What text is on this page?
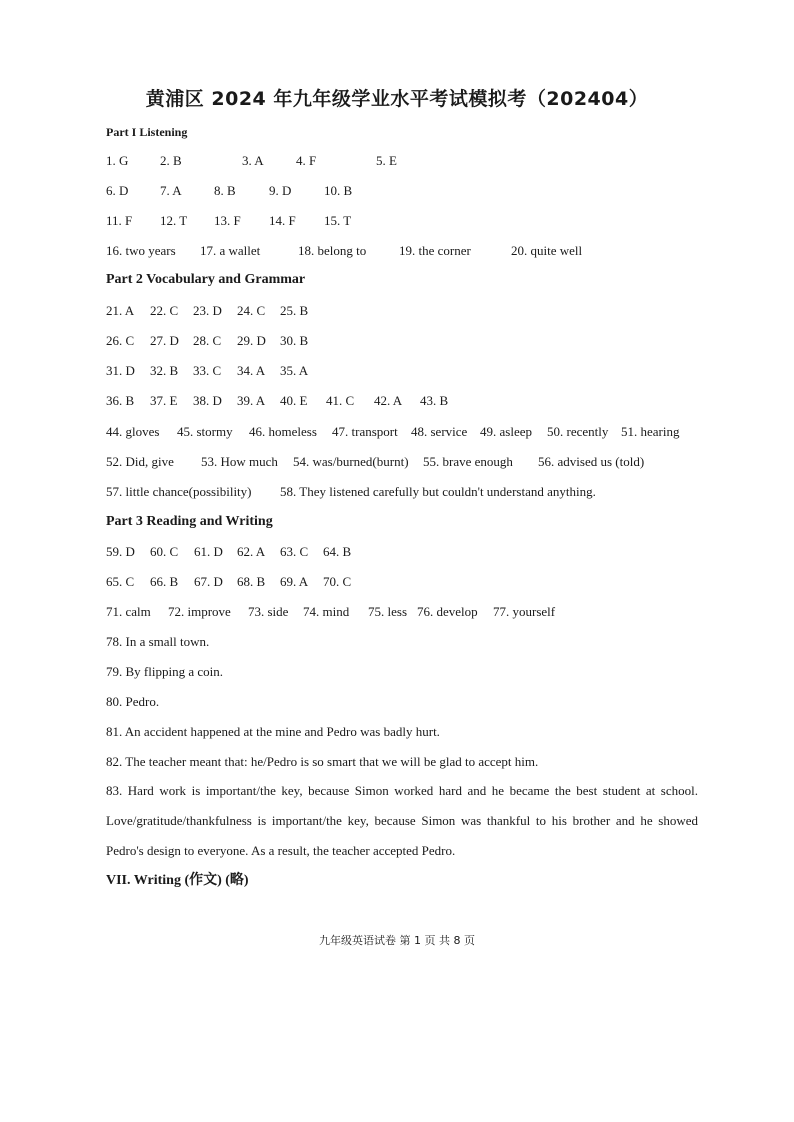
黄浦区 2024 年九年级学业水平考试模拟考（202404）
Part I Listening
1. G 2. B	3. A 4. F	5. E
6. D 7. A 8. B	9. D	10. B
11. F 12. T 13. F 14. F 15. T
16. two years 17. a wallet	18. belong to	19. the corner	20. quite well
Part 2 Vocabulary and Grammar
21. A 22. C 23. D 24. C 25. B
26. C 27. D 28. C 29. D 30. B
31. D 32. B 33. C 34. A 35. A
36. B 37. E 38. D 39. A 40. E 41. C 42. A 43. B
44. gloves 45. stormy 46. homeless 47. transport 48. service 49. asleep 50. recently 51. hearing
52. Did, give 53. How much 54. was/burned(burnt) 55. brave enough 56. advised us (told)
57. little chance(possibility) 58. They listened carefully but couldn't understand anything.
Part 3 Reading and Writing
59. D 60. C 61. D 62. A 63. C 64. B
65. C 66. B 67. D 68. B 69. A 70. C
71. calm 72. improve 73. side 74. mind 75. less 76. develop 77. yourself
78. In a small town.
79. By flipping a coin.
80. Pedro.
81. An accident happened at the mine and Pedro was badly hurt.
82. The teacher meant that: he/Pedro is so smart that we will be glad to accept him.
83. Hard work is important/the key, because Simon worked hard and he became the best student at school. Love/gratitude/thankfulness is important/the key, because Simon was thankful to his brother and he showed Pedro's design to everyone. As a result, the teacher accepted Pedro.
VII. Writing (作文) (略)
九年级英语试卷 第 1 页 共 8 页
